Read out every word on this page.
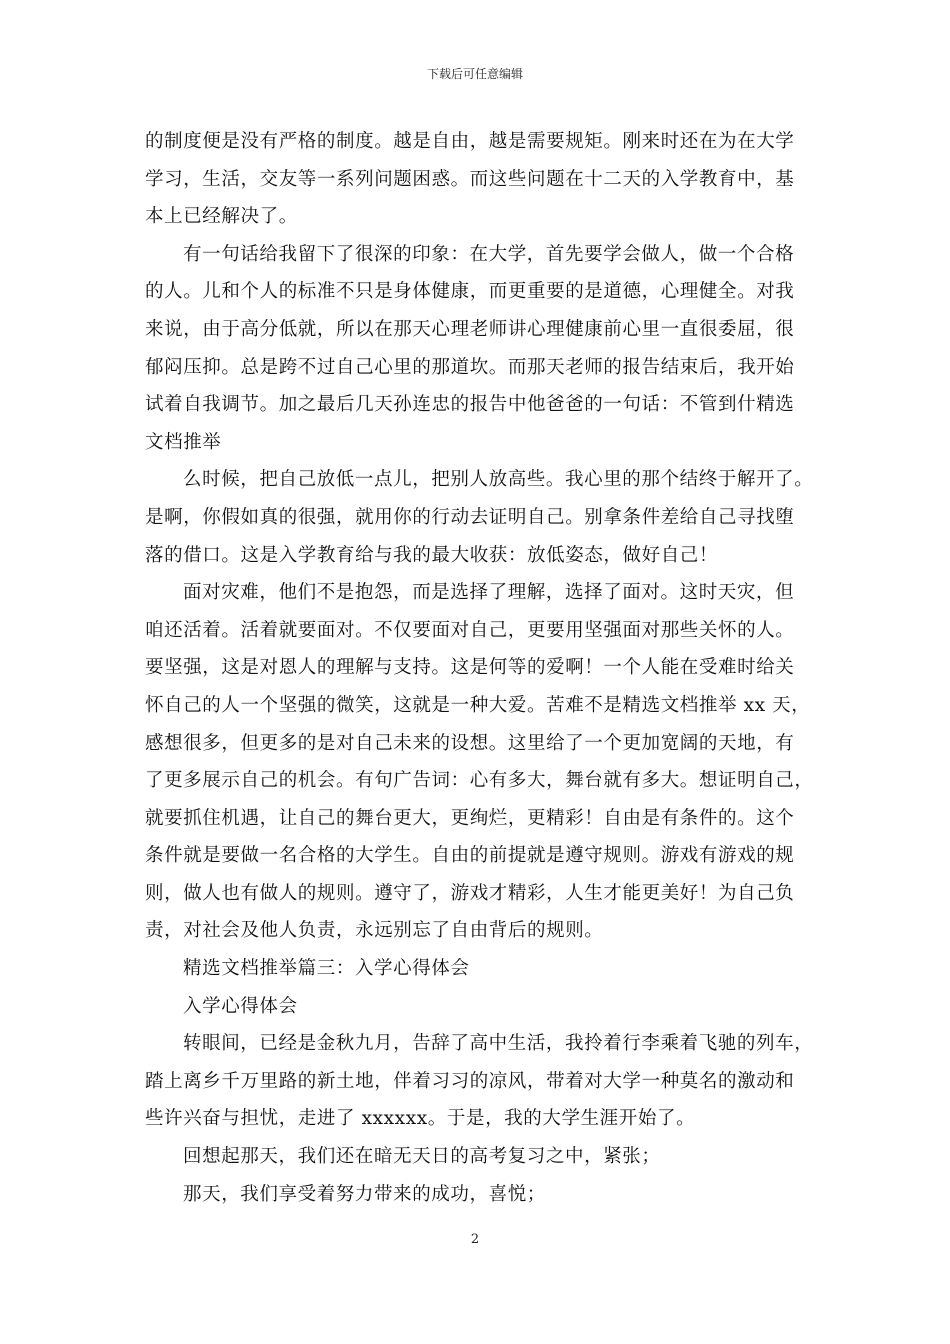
下载后可任意编辑
的制度便是没有严格的制度。越是自由，越是需要规矩。刚来时还在为在大学
学习，生活，交友等一系列问题困惑。而这些问题在十二天的入学教育中，基
本上已经解决了。
有一句话给我留下了很深的印象：在大学，首先要学会做人，做一个合格
的人。儿和个人的标准不只是身体健康，而更重要的是道德，心理健全。对我
来说，由于高分低就，所以在那天心理老师讲心理健康前心里一直很委屈，很
郁闷压抑。总是跨不过自己心里的那道坎。而那天老师的报告结束后，我开始
试着自我调节。加之最后几天孙连忠的报告中他爸爸的一句话：不管到什精选
文档推举
么时候，把自己放低一点儿，把别人放高些。我心里的那个结终于解开了。
是啊，你假如真的很强，就用你的行动去证明自己。别拿条件差给自己寻找堕
落的借口。这是入学教育给与我的最大收获：放低姿态，做好自己！
面对灾难，他们不是抱怨，而是选择了理解，选择了面对。这时天灾，但
咱还活着。活着就要面对。不仅要面对自己，更要用坚强面对那些关怀的人。
要坚强，这是对恩人的理解与支持。这是何等的爱啊！一个人能在受难时给关
怀自己的人一个坚强的微笑，这就是一种大爱。苦难不是精选文档推举 xx 天，
感想很多，但更多的是对自己未来的设想。这里给了一个更加宽阔的天地，有
了更多展示自己的机会。有句广告词：心有多大，舞台就有多大。想证明自己，
就要抓住机遇，让自己的舞台更大，更绚烂，更精彩！自由是有条件的。这个
条件就是要做一名合格的大学生。自由的前提就是遵守规则。游戏有游戏的规
则，做人也有做人的规则。遵守了，游戏才精彩，人生才能更美好！为自己负
责，对社会及他人负责，永远别忘了自由背后的规则。
精选文档推举篇三：入学心得体会
入学心得体会
转眼间，已经是金秋九月，告辞了高中生活，我拎着行李乘着飞驰的列车，
踏上离乡千万里路的新土地，伴着习习的凉风，带着对大学一种莫名的激动和
些许兴奋与担忧，走进了 xxxxxx。于是，我的大学生涯开始了。
回想起那天，我们还在暗无天日的高考复习之中，紧张；
那天，我们享受着努力带来的成功，喜悦；
2
